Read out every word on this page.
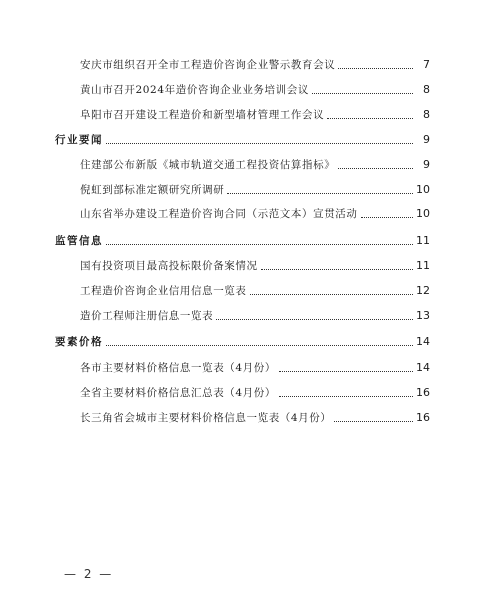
安庆市组织召开全市工程造价咨询企业警示教育会议	7
黄山市召开2024年造价咨询企业业务培训会议	8
阜阳市召开建设工程造价和新型墙材管理工作会议	8
行业要闻	9
住建部公布新版《城市轨道交通工程投资估算指标》	9
倪虹到部标准定额研究所调研	10
山东省举办建设工程造价咨询合同（示范文本）宣贯活动	10
监管信息	11
国有投资项目最高投标限价备案情况	11
工程造价咨询企业信用信息一览表	12
造价工程师注册信息一览表	13
要素价格	14
各市主要材料价格信息一览表（4月份）	14
全省主要材料价格信息汇总表（4月份）	16
长三角省会城市主要材料价格信息一览表（4月份）	16
— 2 —
